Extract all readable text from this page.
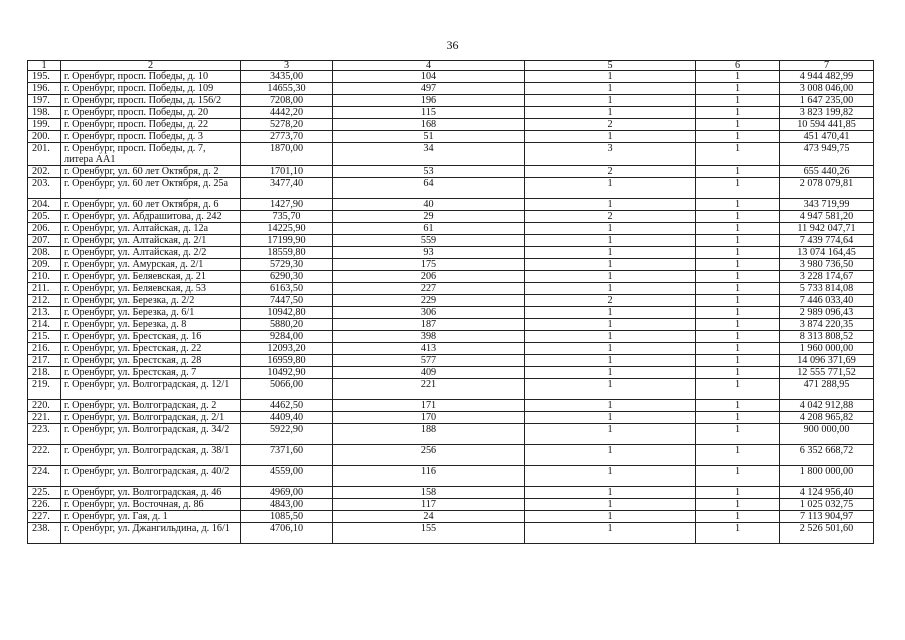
36
1	2	3	4	5	6	7
195.	г. Оренбург, просп. Победы, д. 10	3435,00	104	1	1	4 944 482,99
196.	г. Оренбург, просп. Победы, д. 109	14655,30	497	1	1	3 008 046,00
197.	г. Оренбург, просп. Победы, д. 156/2	7208,00	196	1	1	1 647 235,00
198.	г. Оренбург, просп. Победы, д. 20	4442,20	115	1	1	3 823 199,82
199.	г. Оренбург, просп. Победы, д. 22	5278,20	168	2	1	10 594 441,85
200.	г. Оренбург, просп. Победы, д. 3	2773,70	51	1	1	451 470,41
201.	г. Оренбург, просп. Победы, д. 7, литера АА1	1870,00	34	3	1	473 949,75
202.	г. Оренбург, ул. 60 лет Октября, д. 2	1701,10	53	2	1	655 440,26
203.	г. Оренбург, ул. 60 лет Октября, д. 25а	3477,40	64	1	1	2 078 079,81
204.	г. Оренбург, ул. 60 лет Октября, д. 6	1427,90	40	1	1	343 719,99
205.	г. Оренбург, ул. Абдрашитова, д. 242	735,70	29	2	1	4 947 581,20
206.	г. Оренбург, ул. Алтайская, д. 12а	14225,90	61	1	1	11 942 047,71
207.	г. Оренбург, ул. Алтайская, д. 2/1	17199,90	559	1	1	7 439 774,64
208.	г. Оренбург, ул. Алтайская, д. 2/2	18559,80	93	1	1	13 074 164,45
209.	г. Оренбург, ул. Амурская, д. 2/1	5729,30	175	1	1	3 980 736,50
210.	г. Оренбург, ул. Беляевская, д. 21	6290,30	206	1	1	3 228 174,67
211.	г. Оренбург, ул. Беляевская, д. 53	6163,50	227	1	1	5 733 814,08
212.	г. Оренбург, ул. Березка, д. 2/2	7447,50	229	2	1	7 446 033,40
213.	г. Оренбург, ул. Березка, д. 6/1	10942,80	306	1	1	2 989 096,43
214.	г. Оренбург, ул. Березка, д. 8	5880,20	187	1	1	3 874 220,35
215.	г. Оренбург, ул. Брестская, д. 16	9284,00	398	1	1	8 313 808,52
216.	г. Оренбург, ул. Брестская, д. 22	12093,20	413	1	1	1 960 000,00
217.	г. Оренбург, ул. Брестская, д. 28	16959,80	577	1	1	14 096 371,69
218.	г. Оренбург, ул. Брестская, д. 7	10492,90	409	1	1	12 555 771,52
219.	г. Оренбург, ул. Волгоградская, д. 12/1	5066,00	221	1	1	471 288,95
220.	г. Оренбург, ул. Волгоградская, д. 2	4462,50	171	1	1	4 042 912,88
221.	г. Оренбург, ул. Волгоградская, д. 2/1	4409,40	170	1	1	4 208 965,82
223.	г. Оренбург, ул. Волгоградская, д. 34/2	5922,90	188	1	1	900 000,00
222.	г. Оренбург, ул. Волгоградская, д. 38/1	7371,60	256	1	1	6 352 668,72
224.	г. Оренбург, ул. Волгоградская, д. 40/2	4559,00	116	1	1	1 800 000,00
225.	г. Оренбург, ул. Волгоградская, д. 46	4969,00	158	1	1	4 124 956,40
226.	г. Оренбург, ул. Восточная, д. 86	4843,00	117	1	1	1 025 032,75
227.	г. Оренбург, ул. Гая, д. 1	1085,50	24	1	1	7 113 904,97
238.	г. Оренбург, ул. Джангильдина, д. 16/1	4706,10	155	1	1	2 526 501,60
